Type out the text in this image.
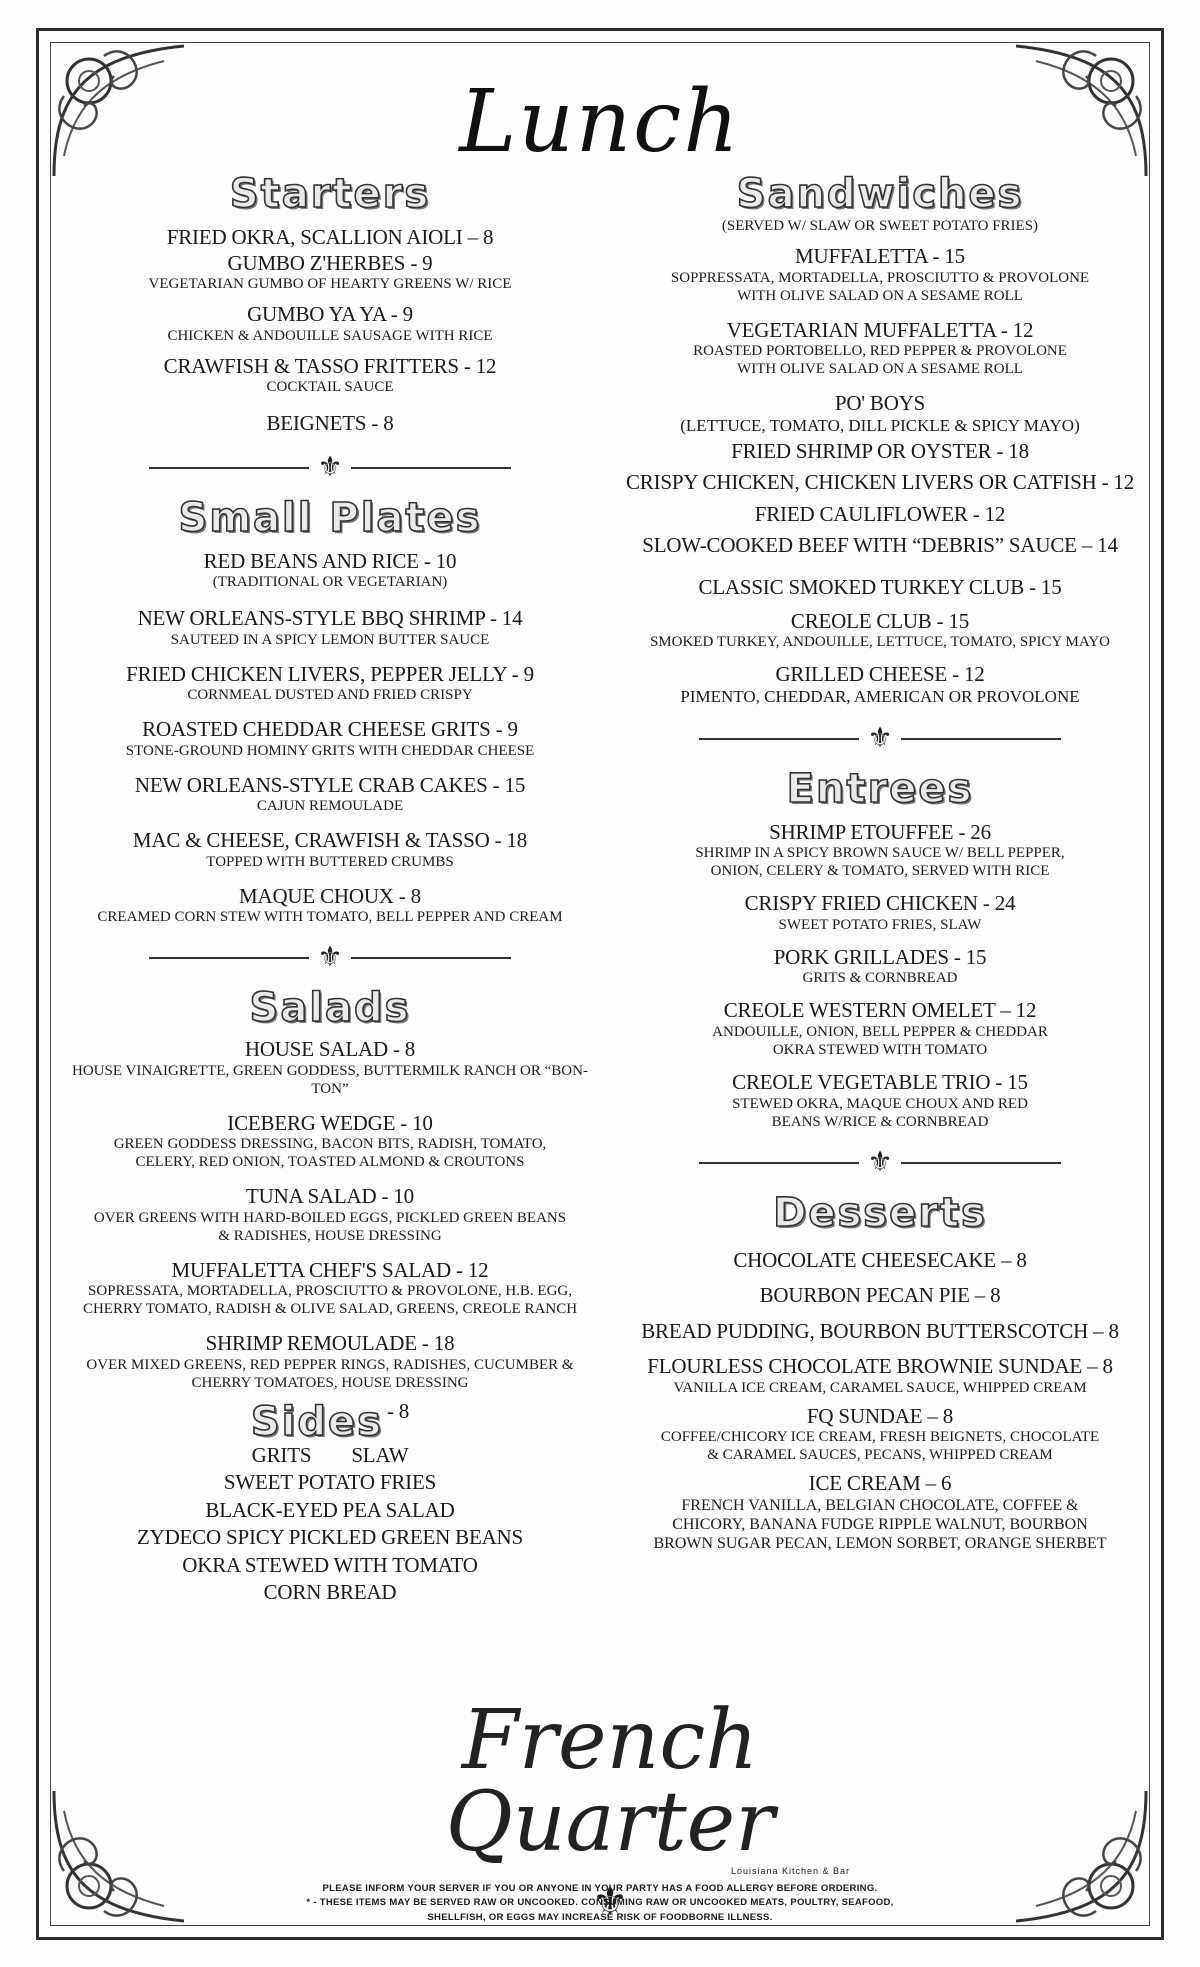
Lunch
Starters
FRIED OKRA, SCALLION AIOLI – 8
GUMBO Z'HERBES - 9
VEGETARIAN GUMBO OF HEARTY GREENS W/ RICE
GUMBO YA YA - 9
CHICKEN & ANDOUILLE SAUSAGE WITH RICE
CRAWFISH & TASSO FRITTERS - 12
COCKTAIL SAUCE
BEIGNETS - 8
⚜
Small Plates
RED BEANS AND RICE - 10
(TRADITIONAL OR VEGETARIAN)
NEW ORLEANS-STYLE BBQ SHRIMP - 14
SAUTEED IN A SPICY LEMON BUTTER SAUCE
FRIED CHICKEN LIVERS, PEPPER JELLY - 9
CORNMEAL DUSTED AND FRIED CRISPY
ROASTED CHEDDAR CHEESE GRITS - 9
STONE-GROUND HOMINY GRITS WITH CHEDDAR CHEESE
NEW ORLEANS-STYLE CRAB CAKES - 15
CAJUN REMOULADE
MAC & CHEESE, CRAWFISH & TASSO - 18
TOPPED WITH BUTTERED CRUMBS
MAQUE CHOUX - 8
CREAMED CORN STEW WITH TOMATO, BELL PEPPER AND CREAM
⚜
Salads
HOUSE SALAD - 8
HOUSE VINAIGRETTE, GREEN GODDESS, BUTTERMILK RANCH OR “BON-TON”
ICEBERG WEDGE - 10
GREEN GODDESS DRESSING, BACON BITS, RADISH, TOMATO, CELERY, RED ONION, TOASTED ALMOND & CROUTONS
TUNA SALAD - 10
OVER GREENS WITH HARD-BOILED EGGS, PICKLED GREEN BEANS & RADISHES, HOUSE DRESSING
MUFFALETTA CHEF'S SALAD - 12
SOPRESSATA, MORTADELLA, PROSCIUTTO & PROVOLONE, H.B. EGG, CHERRY TOMATO, RADISH & OLIVE SALAD, GREENS, CREOLE RANCH
SHRIMP REMOULADE - 18
OVER MIXED GREENS, RED PEPPER RINGS, RADISHES, CUCUMBER & CHERRY TOMATOES, HOUSE DRESSING
Sides - 8
GRITS SLAW
SWEET POTATO FRIES
BLACK-EYED PEA SALAD
ZYDECO SPICY PICKLED GREEN BEANS
OKRA STEWED WITH TOMATO
CORN BREAD
Sandwiches
(SERVED W/ SLAW OR SWEET POTATO FRIES)
MUFFALETTA - 15
SOPPRESSATA, MORTADELLA, PROSCIUTTO & PROVOLONE WITH OLIVE SALAD ON A SESAME ROLL
VEGETARIAN MUFFALETTA - 12
ROASTED PORTOBELLO, RED PEPPER & PROVOLONE WITH OLIVE SALAD ON A SESAME ROLL
PO' BOYS
(LETTUCE, TOMATO, DILL PICKLE & SPICY MAYO)
FRIED SHRIMP OR OYSTER - 18
CRISPY CHICKEN, CHICKEN LIVERS OR CATFISH - 12
FRIED CAULIFLOWER - 12
SLOW-COOKED BEEF WITH “DEBRIS” SAUCE – 14
CLASSIC SMOKED TURKEY CLUB - 15
CREOLE CLUB - 15
SMOKED TURKEY, ANDOUILLE, LETTUCE, TOMATO, SPICY MAYO
GRILLED CHEESE - 12
PIMENTO, CHEDDAR, AMERICAN OR PROVOLONE
⚜
Entrees
SHRIMP ETOUFFEE - 26
SHRIMP IN A SPICY BROWN SAUCE W/ BELL PEPPER, ONION, CELERY & TOMATO, SERVED WITH RICE
CRISPY FRIED CHICKEN - 24
SWEET POTATO FRIES, SLAW
PORK GRILLADES - 15
GRITS & CORNBREAD
CREOLE WESTERN OMELET – 12
ANDOUILLE, ONION, BELL PEPPER & CHEDDAR OKRA STEWED WITH TOMATO
CREOLE VEGETABLE TRIO - 15
STEWED OKRA, MAQUE CHOUX AND RED BEANS W/RICE & CORNBREAD
⚜
Desserts
CHOCOLATE CHEESECAKE – 8
BOURBON PECAN PIE – 8
BREAD PUDDING, BOURBON BUTTERSCOTCH – 8
FLOURLESS CHOCOLATE BROWNIE SUNDAE – 8
VANILLA ICE CREAM, CARAMEL SAUCE, WHIPPED CREAM
FQ SUNDAE – 8
COFFEE/CHICORY ICE CREAM, FRESH BEIGNETS, CHOCOLATE & CARAMEL SAUCES, PECANS, WHIPPED CREAM
ICE CREAM – 6
FRENCH VANILLA, BELGIAN CHOCOLATE, COFFEE & CHICORY, BANANA FUDGE RIPPLE WALNUT, BOURBON BROWN SUGAR PECAN, LEMON SORBET, ORANGE SHERBET
French Quarter
Louisiana Kitchen & Bar
⚜
PLEASE INFORM YOUR SERVER IF YOU OR ANYONE IN YOUR PARTY HAS A FOOD ALLERGY BEFORE ORDERING.
* - THESE ITEMS MAY BE SERVED RAW OR UNCOOKED. CONSUMING RAW OR UNCOOKED MEATS, POULTRY, SEAFOOD, SHELLFISH, OR EGGS MAY INCREASE RISK OF FOODBORNE ILLNESS.
